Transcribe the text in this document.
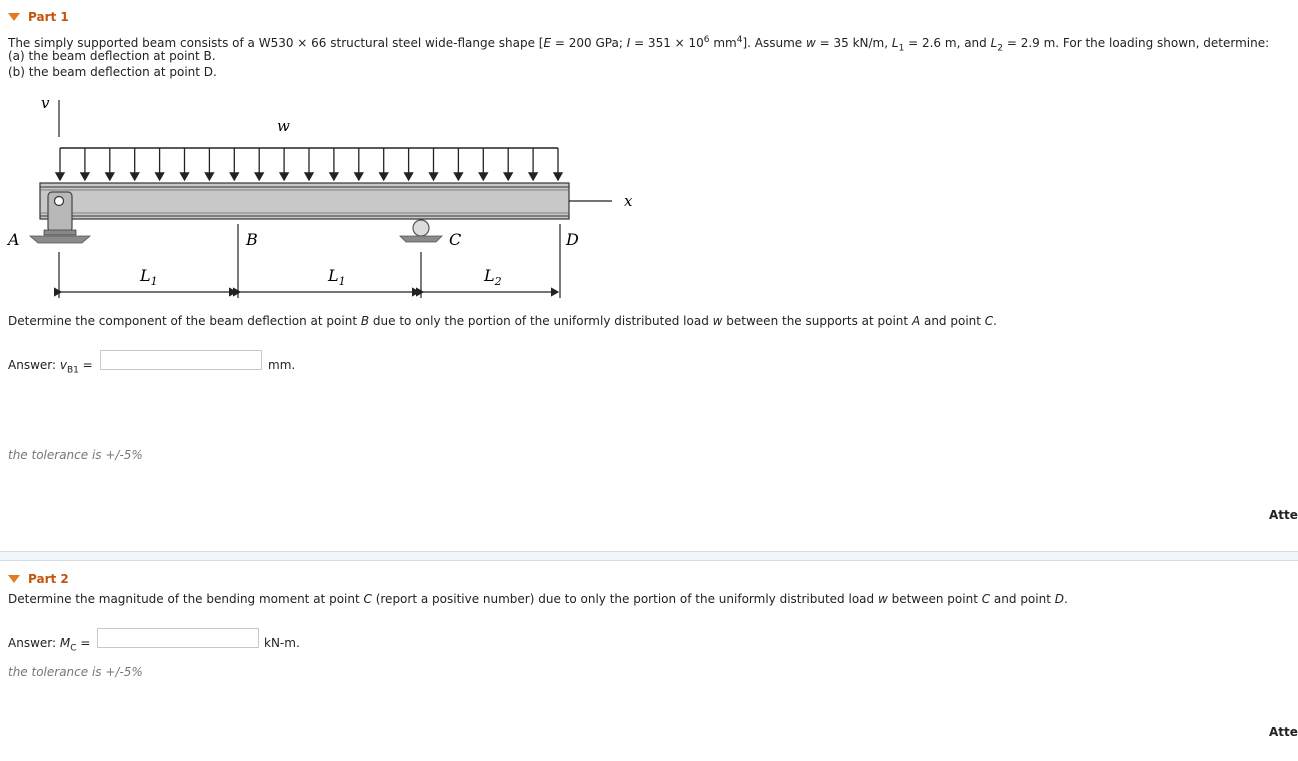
Part 1
The simply supported beam consists of a W530 × 66 structural steel wide-flange shape [E = 200 GPa; $I = 351 \times 10^6$ $mm^4$]. Assume w = 35 kN/m, $L_1 = 2.6$ m, and $L_2 = 2.9$ m. For the loading shown, determine:
(a) the beam deflection at point B.
(b) the beam deflection at point D.
v
w
x
A	C
B	D
$L_1$	$L_1$	$L_2$
Determine the component of the beam deflection at point B due to only the portion of the uniformly distributed load w between the supports at point A and point C.
Answer: $v_{B1}$ =	mm.
the tolerance is +/-5%
Atte
Part 2
Determine the magnitude of the bending moment at point C (report a positive number) due to only the portion of the uniformly distributed load w between point C and point D.
Answer: $M_C$ =	kN-m.
the tolerance is +/-5%
Atte
